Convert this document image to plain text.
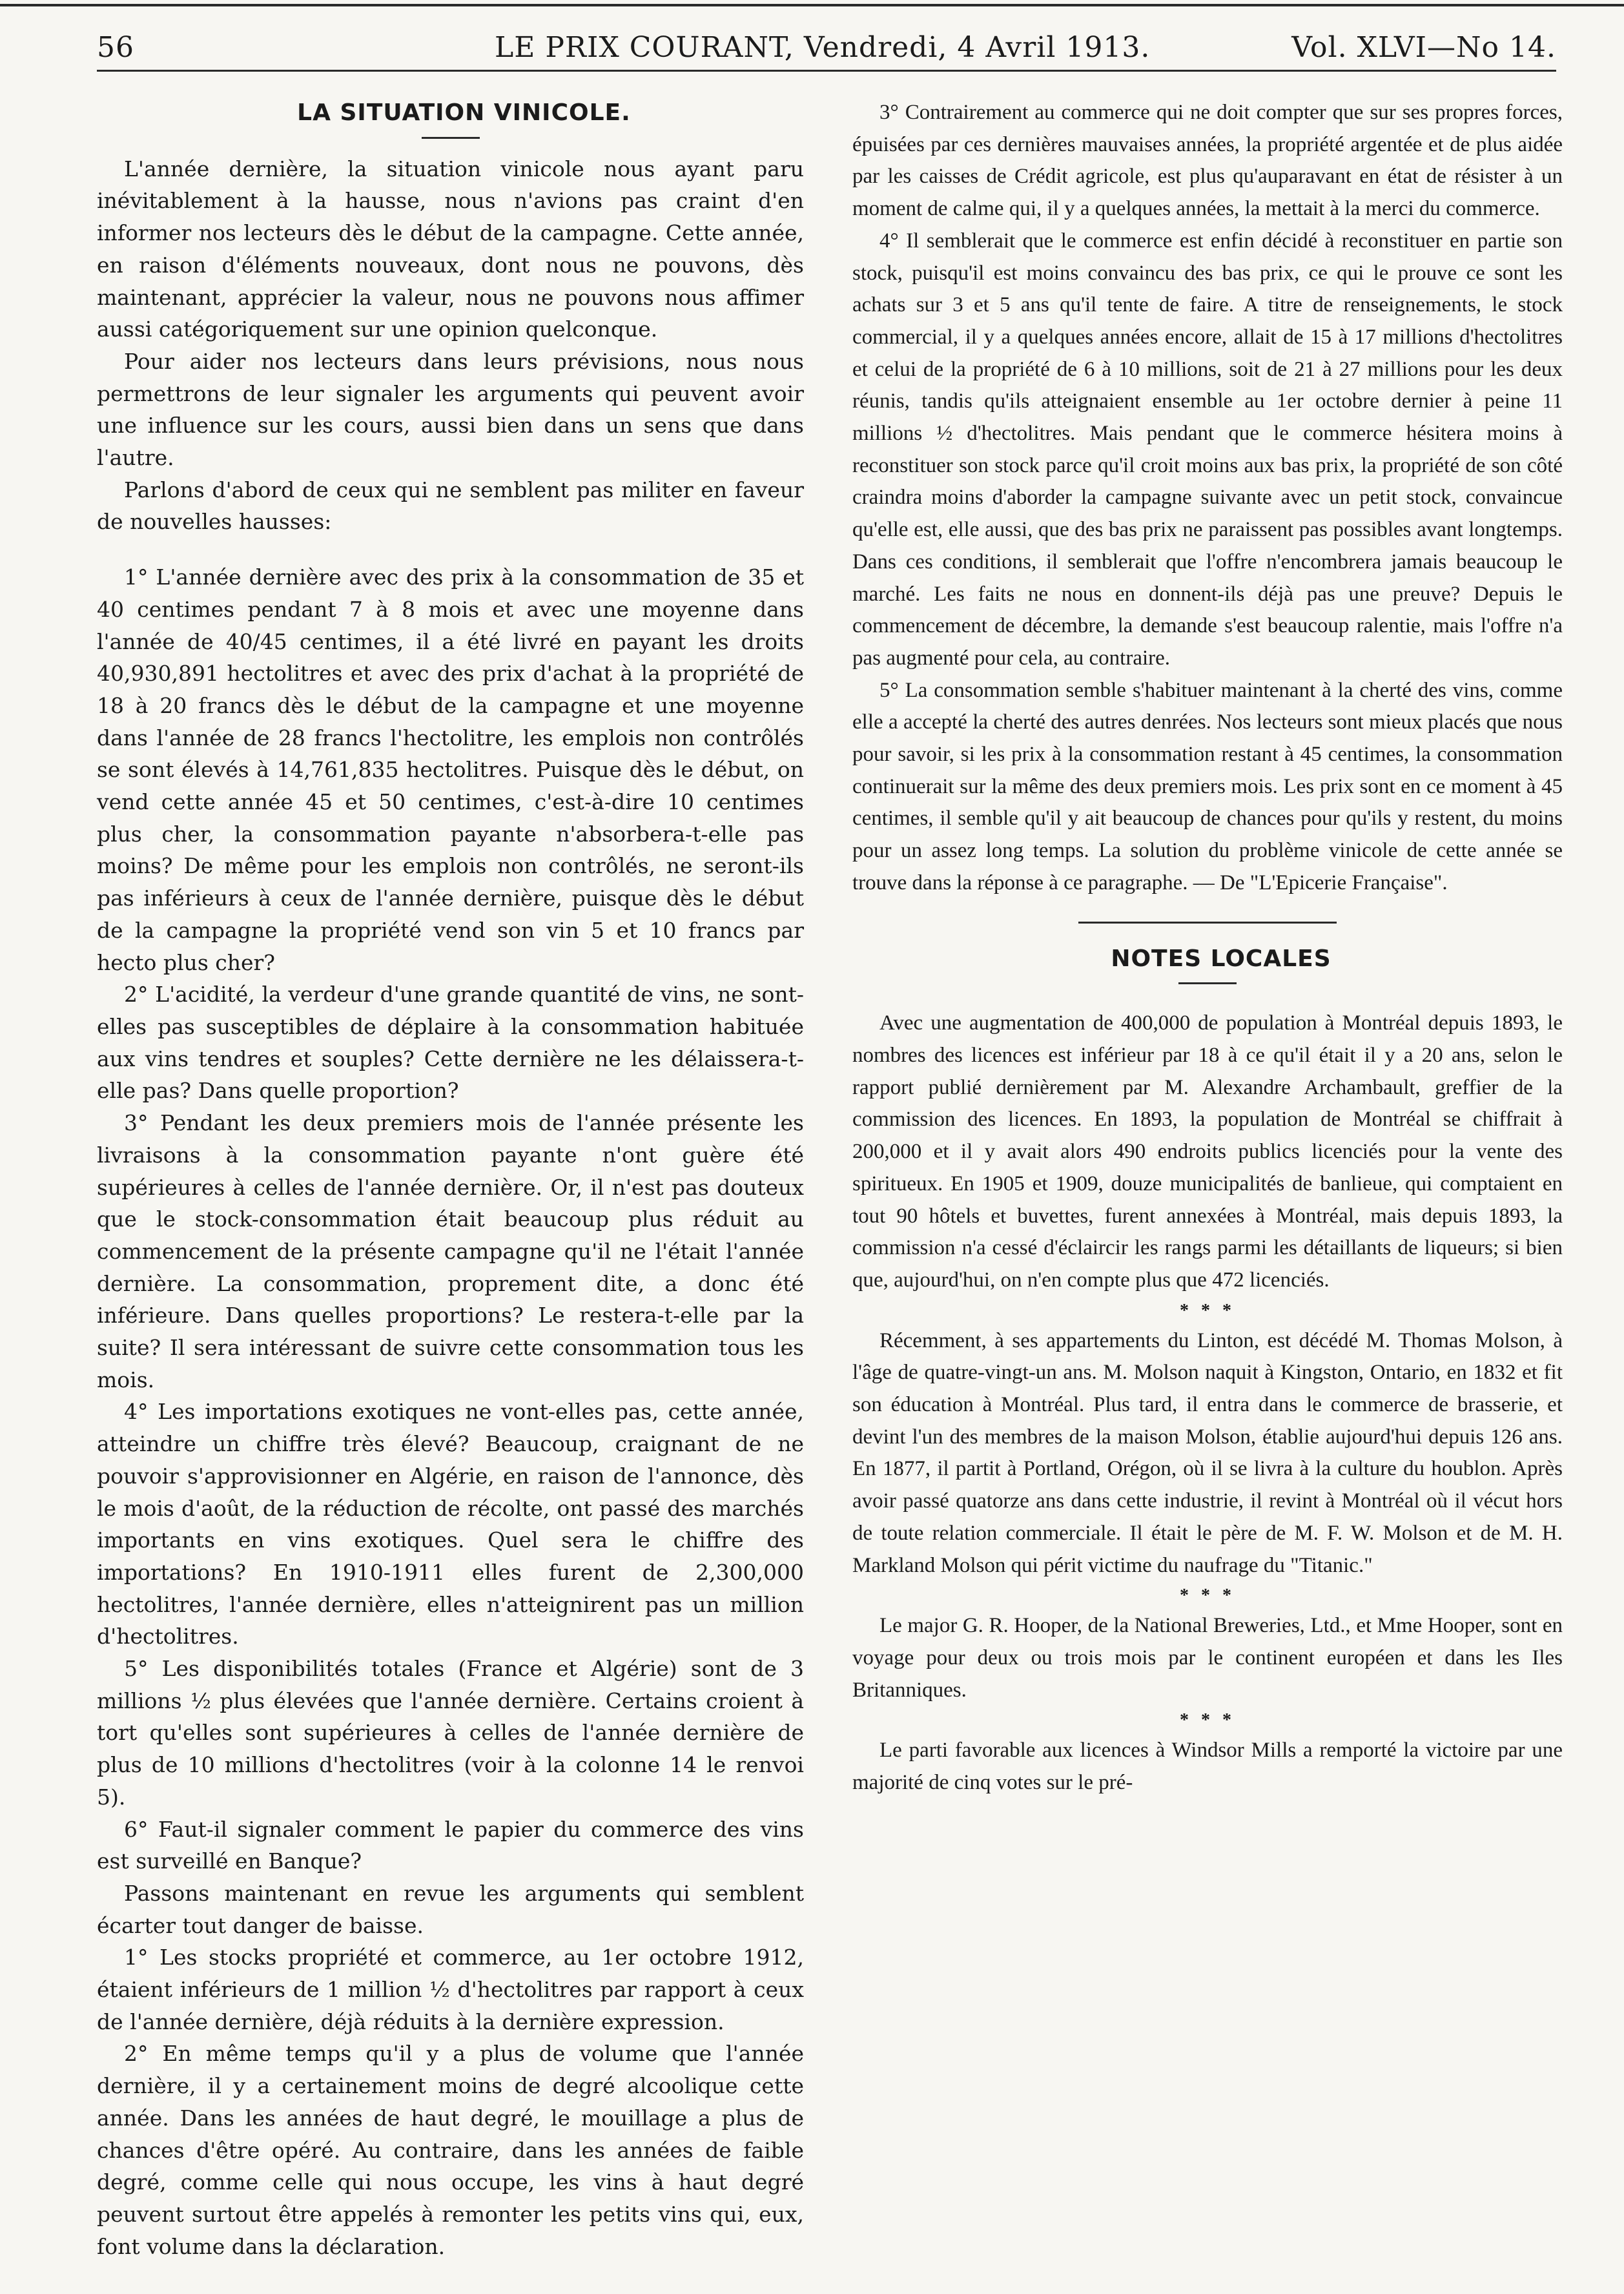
56	LE PRIX COURANT, Vendredi, 4 Avril 1913.	Vol. XLVI—No 14.

LA SITUATION VINICOLE.

L'année dernière, la situation vinicole nous ayant paru inévitablement à la hausse, nous n'avions pas craint d'en informer nos lecteurs dès le début de la campagne. Cette année, en raison d'éléments nouveaux, dont nous ne pouvons, dès maintenant, apprécier la valeur, nous ne pouvons nous affimer aussi catégoriquement sur une opinion quelconque.

Pour aider nos lecteurs dans leurs prévisions, nous nous permettrons de leur signaler les arguments qui peuvent avoir une influence sur les cours, aussi bien dans un sens que dans l'autre.

Parlons d'abord de ceux qui ne semblent pas militer en faveur de nouvelles hausses:

1° L'année dernière avec des prix à la consommation de 35 et 40 centimes pendant 7 à 8 mois et avec une moyenne dans l'année de 40/45 centimes, il a été livré en payant les droits 40,930,891 hectolitres et avec des prix d'achat à la propriété de 18 à 20 francs dès le début de la campagne et une moyenne dans l'année de 28 francs l'hectolitre, les emplois non contrôlés se sont élevés à 14,761,835 hectolitres. Puisque dès le début, on vend cette année 45 et 50 centimes, c'est-à-dire 10 centimes plus cher, la consommation payante n'absorbera-t-elle pas moins? De même pour les emplois non contrôlés, ne seront-ils pas inférieurs à ceux de l'année dernière, puisque dès le début de la campagne la propriété vend son vin 5 et 10 francs par hecto plus cher?

2° L'acidité, la verdeur d'une grande quantité de vins, ne sont-elles pas susceptibles de déplaire à la consommation habituée aux vins tendres et souples? Cette dernière ne les délaissera-t-elle pas? Dans quelle proportion?

3° Pendant les deux premiers mois de l'année présente les livraisons à la consommation payante n'ont guère été supérieures à celles de l'année dernière. Or, il n'est pas douteux que le stock-consommation était beaucoup plus réduit au commencement de la présente campagne qu'il ne l'était l'année dernière. La consommation, proprement dite, a donc été inférieure. Dans quelles proportions? Le restera-t-elle par la suite? Il sera intéressant de suivre cette consommation tous les mois.

4° Les importations exotiques ne vont-elles pas, cette année, atteindre un chiffre très élevé? Beaucoup, craignant de ne pouvoir s'approvisionner en Algérie, en raison de l'annonce, dès le mois d'août, de la réduction de récolte, ont passé des marchés importants en vins exotiques. Quel sera le chiffre des importations? En 1910-1911 elles furent de 2,300,000 hectolitres, l'année dernière, elles n'atteignirent pas un million d'hectolitres.

5° Les disponibilités totales (France et Algérie) sont de 3 millions ½ plus élevées que l'année dernière. Certains croient à tort qu'elles sont supérieures à celles de l'année dernière de plus de 10 millions d'hectolitres (voir à la colonne 14 le renvoi 5).

6° Faut-il signaler comment le papier du commerce des vins est surveillé en Banque?

Passons maintenant en revue les arguments qui semblent écarter tout danger de baisse.

1° Les stocks propriété et commerce, au 1er octobre 1912, étaient inférieurs de 1 million ½ d'hectolitres par rapport à ceux de l'année dernière, déjà réduits à la dernière expression.

2° En même temps qu'il y a plus de volume que l'année dernière, il y a certainement moins de degré alcoolique cette année. Dans les années de haut degré, le mouillage a plus de chances d'être opéré. Au contraire, dans les années de faible degré, comme celle qui nous occupe, les vins à haut degré peuvent surtout être appelés à remonter les petits vins qui, eux, font volume dans la déclaration.

3° Contrairement au commerce qui ne doit compter que sur ses propres forces, épuisées par ces dernières mauvaises années, la propriété argentée et de plus aidée par les caisses de Crédit agricole, est plus qu'auparavant en état de résister à un moment de calme qui, il y a quelques années, la mettait à la merci du commerce.

4° Il semblerait que le commerce est enfin décidé à reconstituer en partie son stock, puisqu'il est moins convaincu des bas prix, ce qui le prouve ce sont les achats sur 3 et 5 ans qu'il tente de faire. A titre de renseignements, le stock commercial, il y a quelques années encore, allait de 15 à 17 millions d'hectolitres et celui de la propriété de 6 à 10 millions, soit de 21 à 27 millions pour les deux réunis, tandis qu'ils atteignaient ensemble au 1er octobre dernier à peine 11 millions ½ d'hectolitres. Mais pendant que le commerce hésitera moins à reconstituer son stock parce qu'il croit moins aux bas prix, la propriété de son côté craindra moins d'aborder la campagne suivante avec un petit stock, convaincue qu'elle est, elle aussi, que des bas prix ne paraissent pas possibles avant longtemps. Dans ces conditions, il semblerait que l'offre n'encombrera jamais beaucoup le marché. Les faits ne nous en donnent-ils déjà pas une preuve? Depuis le commencement de décembre, la demande s'est beaucoup ralentie, mais l'offre n'a pas augmenté pour cela, au contraire.

5° La consommation semble s'habituer maintenant à la cherté des vins, comme elle a accepté la cherté des autres denrées. Nos lecteurs sont mieux placés que nous pour savoir, si les prix à la consommation restant à 45 centimes, la consommation continuerait sur la même des deux premiers mois. Les prix sont en ce moment à 45 centimes, il semble qu'il y ait beaucoup de chances pour qu'ils y restent, du moins pour un assez long temps. La solution du problème vinicole de cette année se trouve dans la réponse à ce paragraphe. — De "L'Epicerie Française".

NOTES LOCALES

Avec une augmentation de 400,000 de population à Montréal depuis 1893, le nombres des licences est inférieur par 18 à ce qu'il était il y a 20 ans, selon le rapport publié dernièrement par M. Alexandre Archambault, greffier de la commission des licences. En 1893, la population de Montréal se chiffrait à 200,000 et il y avait alors 490 endroits publics licenciés pour la vente des spiritueux. En 1905 et 1909, douze municipalités de banlieue, qui comptaient en tout 90 hôtels et buvettes, furent annexées à Montréal, mais depuis 1893, la commission n'a cessé d'éclaircir les rangs parmi les détaillants de liqueurs; si bien que, aujourd'hui, on n'en compte plus que 472 licenciés.

* * *

Récemment, à ses appartements du Linton, est décédé M. Thomas Molson, à l'âge de quatre-vingt-un ans. M. Molson naquit à Kingston, Ontario, en 1832 et fit son éducation à Montréal. Plus tard, il entra dans le commerce de brasserie, et devint l'un des membres de la maison Molson, établie aujourd'hui depuis 126 ans. En 1877, il partit à Portland, Orégon, où il se livra à la culture du houblon. Après avoir passé quatorze ans dans cette industrie, il revint à Montréal où il vécut hors de toute relation commerciale. Il était le père de M. F. W. Molson et de M. H. Markland Molson qui périt victime du naufrage du "Titanic."

* * *

Le major G. R. Hooper, de la National Breweries, Ltd., et Mme Hooper, sont en voyage pour deux ou trois mois par le continent européen et dans les Iles Britanniques.

* * *

Le parti favorable aux licences à Windsor Mills a remporté la victoire par une majorité de cinq votes sur le pré-
